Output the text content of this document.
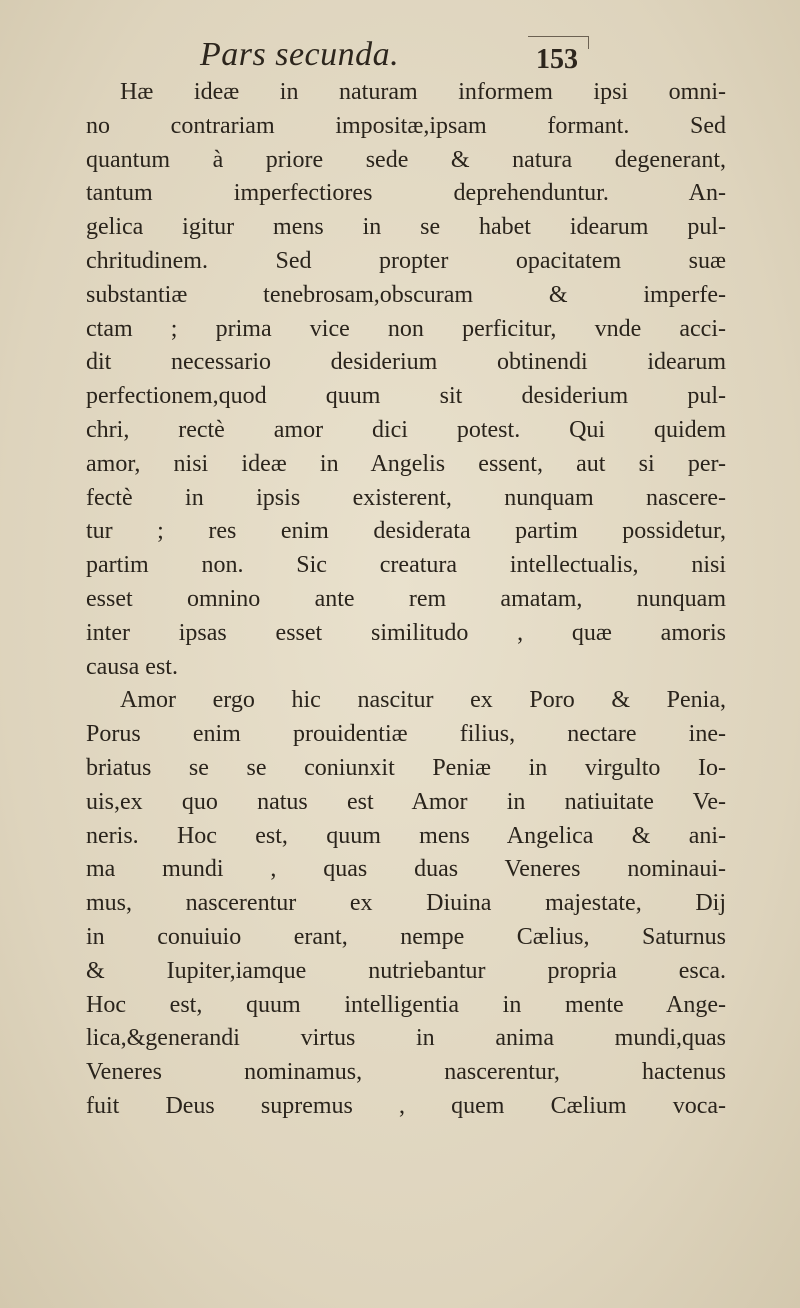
Pars secunda.	153
Hæ ideæ in naturam informem ipsi omni-
no contrariam impositæ,ipsam formant. Sed
quantum à priore sede & natura degenerant,
tantum imperfectiores deprehenduntur. An-
gelica igitur mens in se habet idearum pul-
chritudinem. Sed propter opacitatem suæ
substantiæ tenebrosam,obscuram & imperfe-
ctam ; prima vice non perficitur, vnde acci-
dit necessario desiderium obtinendi idearum
perfectionem,quod quum sit desiderium pul-
chri, rectè amor dici potest. Qui quidem
amor, nisi ideæ in Angelis essent, aut si per-
fectè in ipsis existerent, nunquam nascere-
tur ; res enim desiderata partim possidetur,
partim non. Sic creatura intellectualis, nisi
esset omnino ante rem amatam, nunquam
inter ipsas esset similitudo , quæ amoris
causa est.
Amor ergo hic nascitur ex Poro & Penia,
Porus enim prouidentiæ filius, nectare ine-
briatus se se coniunxit Peniæ in virgulto Io-
uis,ex quo natus est Amor in natiuitate Ve-
neris. Hoc est, quum mens Angelica & ani-
ma mundi , quas duas Veneres nominaui-
mus, nascerentur ex Diuina majestate, Dij
in conuiuio erant, nempe Cælius, Saturnus
& Iupiter,iamque nutriebantur propria esca.
Hoc est, quum intelligentia in mente Ange-
lica,&generandi virtus in anima mundi,quas
Veneres nominamus, nascerentur, hactenus
fuit Deus supremus , quem Cælium voca-
